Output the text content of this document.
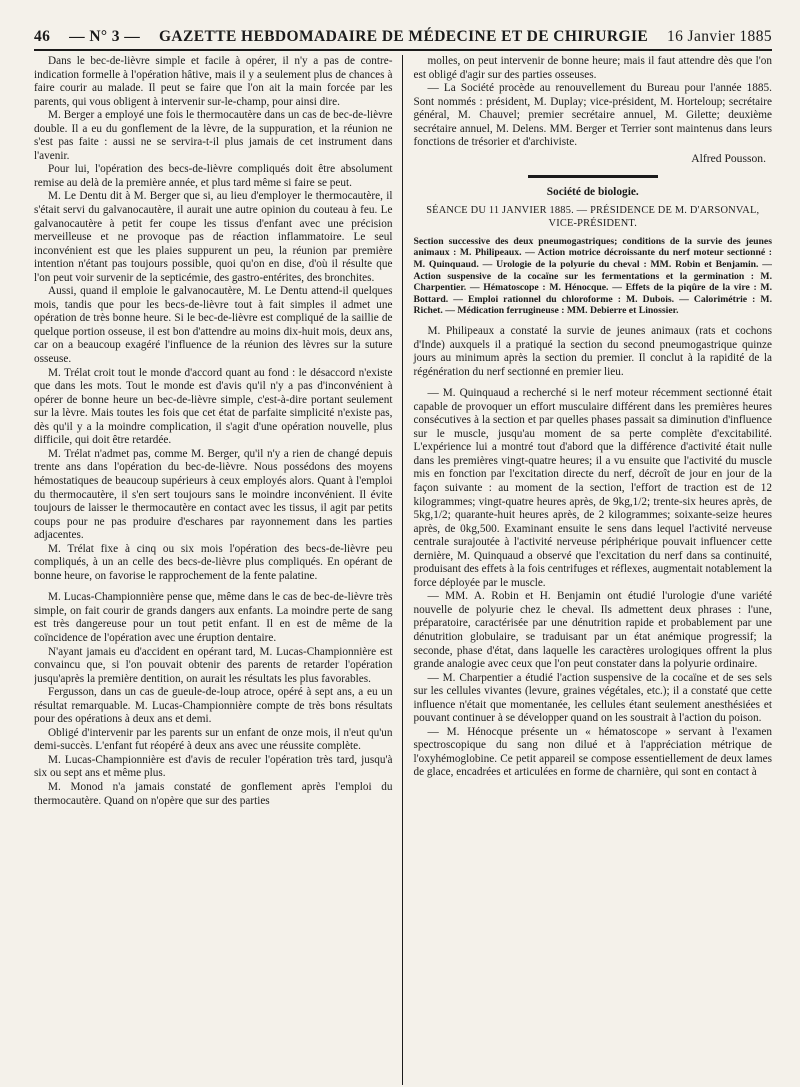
46 — N° 3 — GAZETTE HEBDOMADAIRE DE MÉDECINE ET DE CHIRURGIE 16 Janvier 1885

Dans le bec-de-lièvre simple et facile à opérer, il n'y a pas de contre-indication formelle à l'opération hâtive, mais il y a seulement plus de chances à faire courir au malade. Il peut se faire que l'on ait la main forcée par les parents, qui vous obligent à intervenir sur-le-champ, pour ainsi dire.

M. Berger a employé une fois le thermocautère dans un cas de bec-de-lièvre double. Il a eu du gonflement de la lèvre, de la suppuration, et la réunion ne s'est pas faite : aussi ne se servira-t-il plus jamais de cet instrument dans l'avenir.

Pour lui, l'opération des becs-de-lièvre compliqués doit être absolument remise au delà de la première année, et plus tard même si faire se peut.

M. Le Dentu dit à M. Berger que si, au lieu d'employer le thermocautère, il s'était servi du galvanocautère, il aurait une autre opinion du couteau à feu. Le galvanocautère à petit fer coupe les tissus d'enfant avec une précision merveilleuse et ne provoque pas de réaction inflammatoire. Le seul inconvénient est que les plaies suppurent un peu, la réunion par première intention n'étant pas toujours possible, quoi qu'on en dise, d'où il résulte que l'on peut voir survenir de la septicémie, des gastro-entérites, des bronchites.

Aussi, quand il emploie le galvanocautère, M. Le Dentu attend-il quelques mois, tandis que pour les becs-de-lièvre tout à fait simples il admet une opération de très bonne heure. Si le bec-de-lièvre est compliqué de la saillie de quelque portion osseuse, il est bon d'attendre au moins dix-huit mois, deux ans, car on a beaucoup exagéré l'influence de la réunion des lèvres sur la suture osseuse.

M. Trélat croit tout le monde d'accord quant au fond : le désaccord n'existe que dans les mots. Tout le monde est d'avis qu'il n'y a pas d'inconvénient à opérer de bonne heure un bec-de-lièvre simple, c'est-à-dire portant seulement sur la lèvre. Mais toutes les fois que cet état de parfaite simplicité n'existe pas, dès qu'il y a la moindre complication, il s'agit d'une opération nouvelle, plus difficile, qui doit être retardée.

M. Trélat n'admet pas, comme M. Berger, qu'il n'y a rien de changé depuis trente ans dans l'opération du bec-de-lièvre. Nous possédons des moyens hémostatiques de beaucoup supérieurs à ceux employés alors. Quant à l'emploi du thermocautère, il s'en sert toujours sans le moindre inconvénient. Il évite toujours de laisser le thermocautère en contact avec les tissus, il agit par petits coups pour ne pas produire d'eschares par rayonnement dans les parties adjacentes.

M. Trélat fixe à cinq ou six mois l'opération des becs-de-lièvre peu compliqués, à un an celle des becs-de-lièvre plus compliqués. En opérant de bonne heure, on favorise le rapprochement de la fente palatine.

M. Lucas-Championnière pense que, même dans le cas de bec-de-lièvre très simple, on fait courir de grands dangers aux enfants. La moindre perte de sang est très dangereuse pour un tout petit enfant. Il en est de même de la coïncidence de l'opération avec une éruption dentaire.

N'ayant jamais eu d'accident en opérant tard, M. Lucas-Championnière est convaincu que, si l'on pouvait obtenir des parents de retarder l'opération jusqu'après la première dentition, on aurait les résultats les plus favorables.

Fergusson, dans un cas de gueule-de-loup atroce, opéré à sept ans, a eu un résultat remarquable. M. Lucas-Championnière compte de très bons résultats pour des opérations à deux ans et demi.

Obligé d'intervenir par les parents sur un enfant de onze mois, il n'eut qu'un demi-succès. L'enfant fut réopéré à deux ans avec une réussite complète.

M. Lucas-Championnière est d'avis de reculer l'opération très tard, jusqu'à six ou sept ans et même plus.

M. Monod n'a jamais constaté de gonflement après l'emploi du thermocautère. Quand on n'opère que sur des parties

molles, on peut intervenir de bonne heure; mais il faut attendre dès que l'on est obligé d'agir sur des parties osseuses.

— La Société procède au renouvellement du Bureau pour l'année 1885. Sont nommés : président, M. Duplay; vice-président, M. Horteloup; secrétaire général, M. Chauvel; premier secrétaire annuel, M. Gilette; deuxième secrétaire annuel, M. Delens. MM. Berger et Terrier sont maintenus dans leurs fonctions de trésorier et d'archiviste.

Alfred Pousson.
Société de biologie.
SÉANCE DU 11 JANVIER 1885. — PRÉSIDENCE DE M. D'ARSONVAL, VICE-PRÉSIDENT.
Section successive des deux pneumogastriques; conditions de la survie des jeunes animaux : M. Philipeaux. — Action motrice décroissante du nerf moteur sectionné : M. Quinquaud. — Urologie de la polyurie du cheval : MM. Robin et Benjamin. — Action suspensive de la cocaïne sur les fermentations et la germination : M. Charpentier. — Hématoscope : M. Hénocque. — Effets de la piqûre de la vire : M. Bottard. — Emploi rationnel du chloroforme : M. Dubois. — Calorimétrie : M. Richet. — Médication ferrugineuse : MM. Debierre et Linossier.

M. Philipeaux a constaté la survie de jeunes animaux (rats et cochons d'Inde) auxquels il a pratiqué la section du second pneumogastrique quinze jours au minimum après la section du premier. Il conclut à la rapidité de la régénération du nerf sectionné en premier lieu.

— M. Quinquaud a recherché si le nerf moteur récemment sectionné était capable de provoquer un effort musculaire différent dans les premières heures consécutives à la section et par quelles phases passait sa diminution d'influence sur le muscle, jusqu'au moment de sa perte complète d'excitabilité. L'expérience lui a montré tout d'abord que la différence d'activité était nulle dans les premières vingt-quatre heures; il a vu ensuite que l'activité du muscle mis en fonction par l'excitation directe du nerf, décroît de jour en jour de la façon suivante : au moment de la section, l'effort de traction est de 12 kilogrammes; vingt-quatre heures après, de 9kg,1/2; trente-six heures après, de 5kg,1/2; quarante-huit heures après, de 2 kilogrammes; soixante-seize heures après, de 0kg,500. Examinant ensuite le sens dans lequel l'activité nerveuse centrale surajoutée à l'activité nerveuse périphérique pouvait influencer cette dernière, M. Quinquaud a observé que l'excitation du nerf dans sa continuité, produisant des effets à la fois centrifuges et réflexes, augmentait notablement la force déployée par le muscle.

— MM. A. Robin et H. Benjamin ont étudié l'urologie d'une variété nouvelle de polyurie chez le cheval. Ils admettent deux phrases : l'une, préparatoire, caractérisée par une dénutrition rapide et probablement par une dénutrition globulaire, se traduisant par un état anémique progressif; la seconde, phase d'état, dans laquelle les caractères urologiques offrent la plus grande analogie avec ceux que l'on peut constater dans la polyurie ordinaire.

— M. Charpentier a étudié l'action suspensive de la cocaïne et de ses sels sur les cellules vivantes (levure, graines végétales, etc.); il a constaté que cette influence n'était que momentanée, les cellules étant seulement anesthésiées et pouvant continuer à se développer quand on les soustrait à l'action du poison.

— M. Hénocque présente un « hématoscope » servant à l'examen spectroscopique du sang non dilué et à l'appréciation métrique de l'oxyhémoglobine. Ce petit appareil se compose essentiellement de deux lames de glace, encadrées et articulées en forme de charnière, qui sont en contact à
